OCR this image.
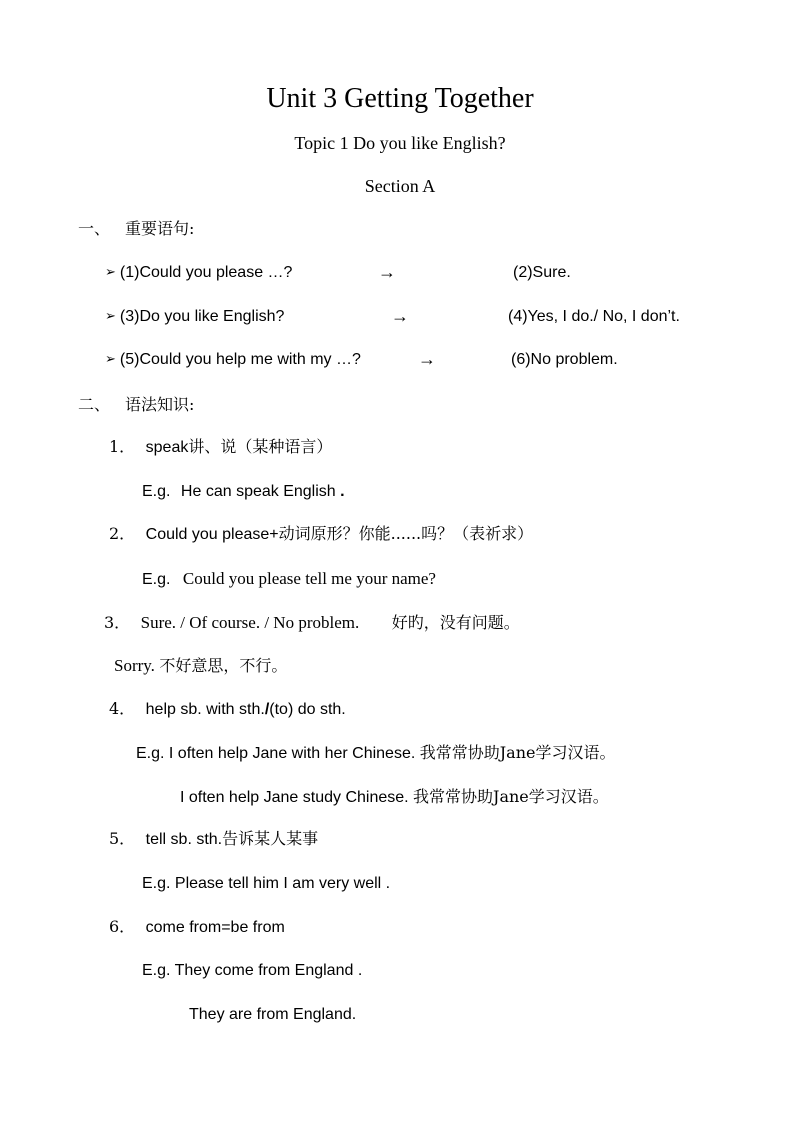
Unit 3 Getting Together
Topic 1 Do you like English?
Section A
一、 重要语句:
➢ (1)Could you please …?	→	(2)Sure.
➢ (3)Do you like English?	→	(4)Yes, I do./ No, I don’t.
➢ (5)Could you help me with my …?	→	(6)No problem.
二、 语法知识:
1． speak讲、说（某种语言）
E.g. He can speak English .
2． Could you please+动词原形？你能......吗？（表祈求）
E.g. Could you please tell me your name?
3． Sure. / Of course. / No problem. 好旳，没有问题。
Sorry. 不好意思，不行。
4． help sb. with sth./(to) do sth.
E.g. I often help Jane with her Chinese. 我常常协助Jane学习汉语。
I often help Jane study Chinese. 我常常协助Jane学习汉语。
5． tell sb. sth.告诉某人某事
E.g. Please tell him I am very well .
6． come from=be from
E.g. They come from England .
They are from England.
